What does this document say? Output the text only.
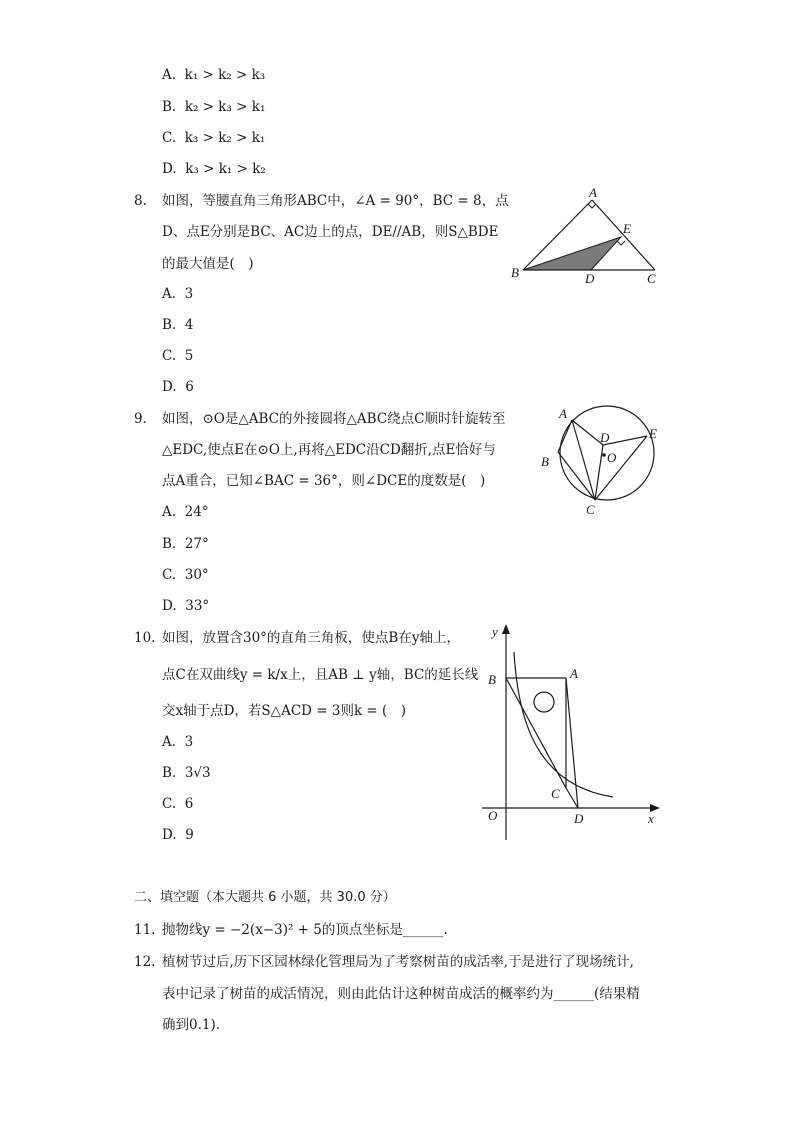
A. k₁ > k₂ > k₃
B. k₂ > k₃ > k₁
C. k₃ > k₂ > k₁
D. k₃ > k₁ > k₂
8. 如图，等腰直角三角形ABC中，∠A = 90°，BC = 8，点
D、点E分别是BC、AC边上的点，DE//AB，则S△BDE
的最大值是(　)
A. 3
B. 4
C. 5
D. 6
A
B	C
D
E
9. 如图，⊙O是△ABC的外接圆将△ABC绕点C顺时针旋转至
△EDC,使点E在⊙O上,再将△EDC沿CD翻折,点E恰好与
点A重合，已知∠BAC = 36°，则∠DCE的度数是(　)
A. 24°
B. 27°
C. 30°
D. 33°
A
B
C
D	E
O
10. 如图，放置含30°的直角三角板，使点B在y轴上，
点C在双曲线y = k/x上，且AB ⊥ y轴，BC的延长线
交x轴于点D，若S△ACD = 3则k = (　)
A. 3
B. 3√3
C. 6
D. 9
y
x
O
A
B
C
D
二、填空题（本大题共 6 小题，共 30.0 分）
11. 抛物线y = −2(x−3)² + 5的顶点坐标是______.
12. 植树节过后,历下区园林绿化管理局为了考察树苗的成活率,于是进行了现场统计,
表中记录了树苗的成活情况，则由此估计这种树苗成活的概率约为______(结果精
确到0.1).
